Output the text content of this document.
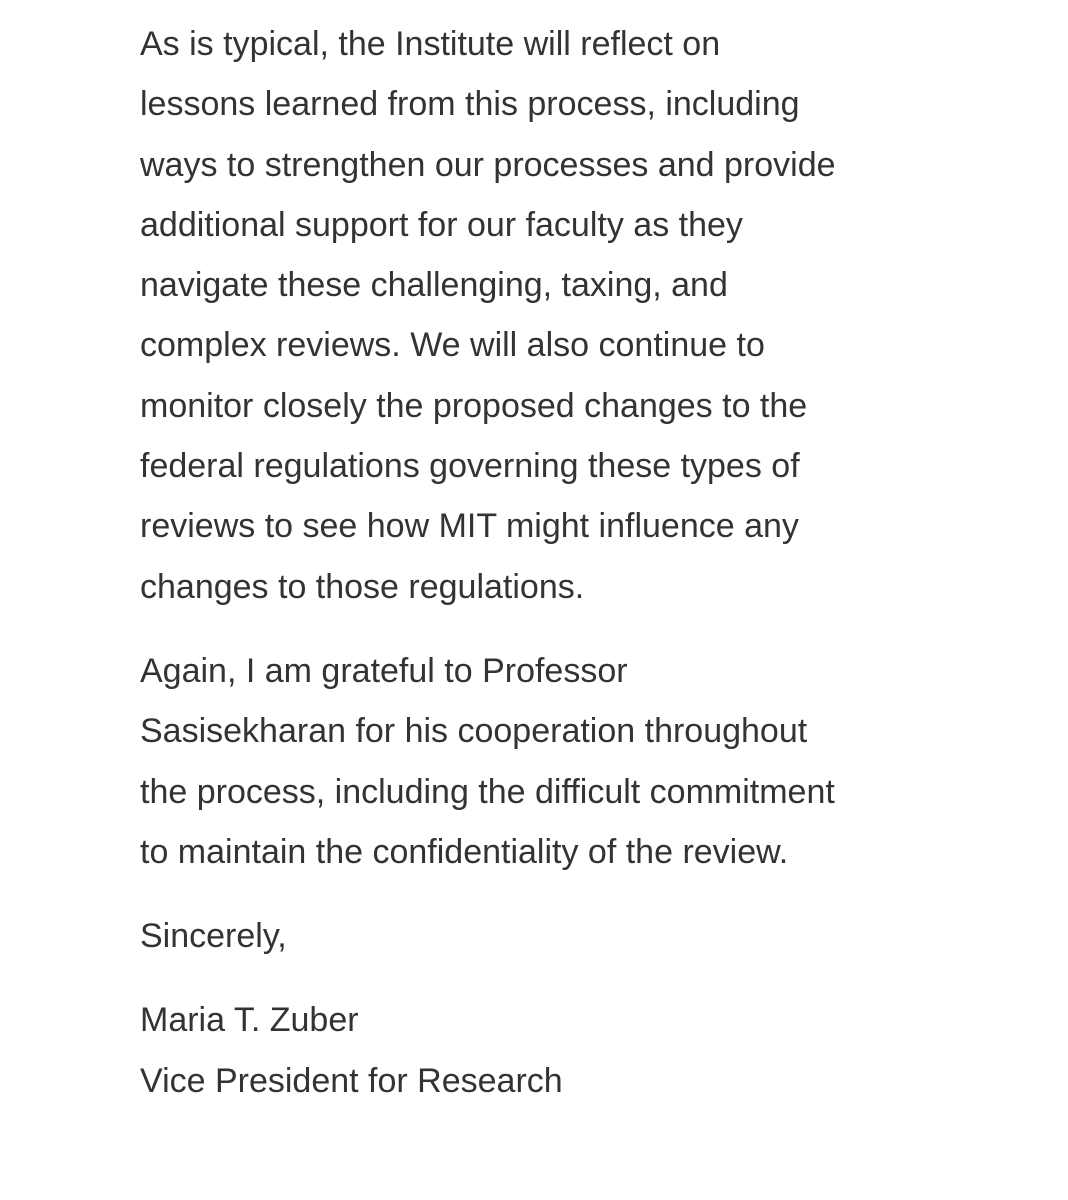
As is typical, the Institute will reflect on
lessons learned from this process, including
ways to strengthen our processes and provide
additional support for our faculty as they
navigate these challenging, taxing, and
complex reviews. We will also continue to
monitor closely the proposed changes to the
federal regulations governing these types of
reviews to see how MIT might influence any
changes to those regulations.

Again, I am grateful to Professor
Sasisekharan for his cooperation throughout
the process, including the difficult commitment
to maintain the confidentiality of the review.

Sincerely,

Maria T. Zuber
Vice President for Research
